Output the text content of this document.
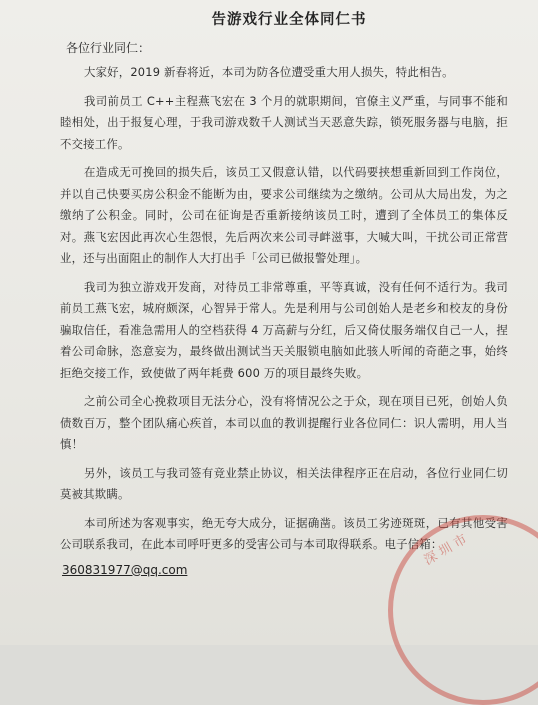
告游戏行业全体同仁书
各位行业同仁：

大家好，2019 新春将近，本司为防各位遭受重大用人损失，特此相告。

我司前员工 C++主程燕飞宏在 3 个月的就职期间，官僚主义严重，与同事不能和睦相处，出于报复心理，于我司游戏数千人测试当天恶意失踪，锁死服务器与电脑，拒不交接工作。

在造成无可挽回的损失后，该员工又假意认错，以代码要挟想重新回到工作岗位，并以自己快要买房公积金不能断为由，要求公司继续为之缴纳。公司从大局出发，为之缴纳了公积金。同时，公司在征询是否重新接纳该员工时，遭到了全体员工的集体反对。燕飞宏因此再次心生怨恨，先后两次来公司寻衅滋事，大喊大叫，干扰公司正常营业，还与出面阻止的制作人大打出手「公司已做报警处理」。

我司为独立游戏开发商，对待员工非常尊重，平等真诚，没有任何不适行为。我司前员工燕飞宏，城府颇深，心智异于常人。先是利用与公司创始人是老乡和校友的身份骗取信任，看准急需用人的空档获得 4 万高薪与分红，后又倚仗服务端仅自己一人，捏着公司命脉，恣意妄为，最终做出测试当天关服锁电脑如此骇人听闻的奇葩之事，始终拒绝交接工作，致使做了两年耗费 600 万的项目最终失败。

之前公司全心挽救项目无法分心，没有将情况公之于众，现在项目已死，创始人负债数百万，整个团队痛心疾首，本司以血的教训提醒行业各位同仁：识人需明，用人当慎！

另外，该员工与我司签有竞业禁止协议，相关法律程序正在启动，各位行业同仁切莫被其欺瞒。

本司所述为客观事实，绝无夸大成分，证据确凿。该员工劣迹斑斑，已有其他受害公司联系我司，在此本司呼吁更多的受害公司与本司取得联系。电子信箱：

360831977@qq.com
深圳市
